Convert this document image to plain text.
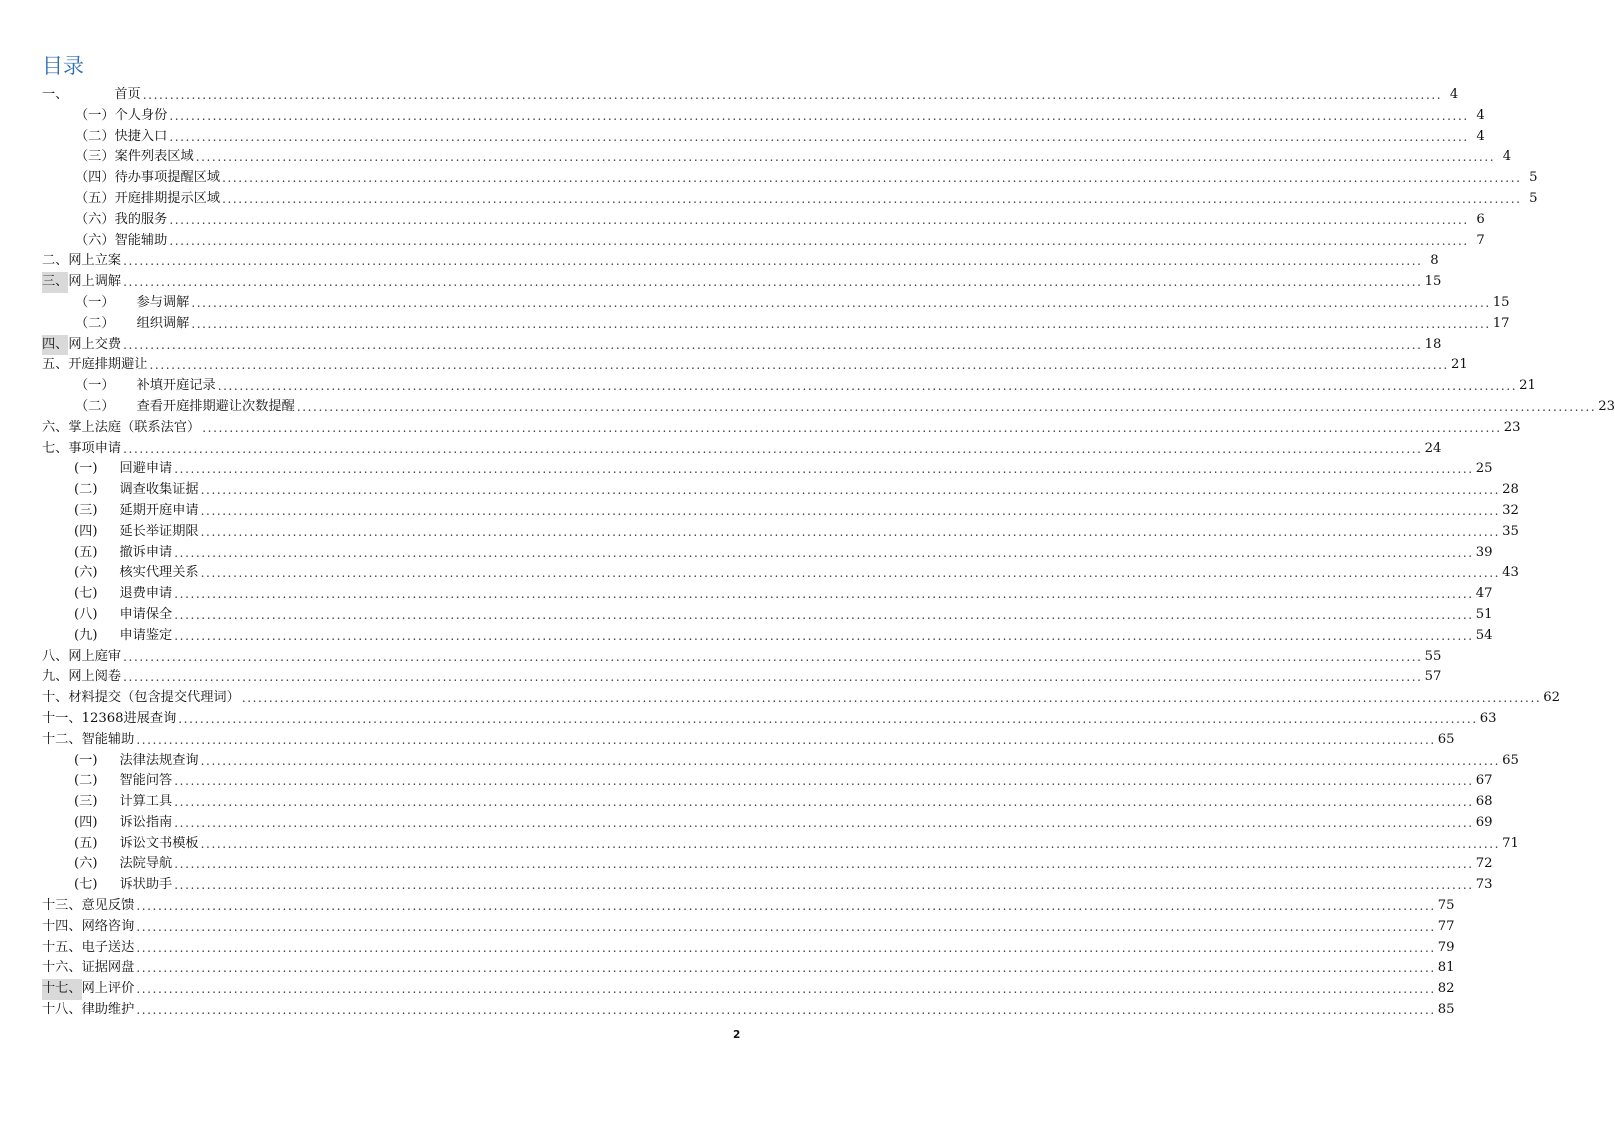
目录
一、	首页 ................................................................................................................................................................................................................................................ 4
（一） 个人身份 ................................................................................................................................................................................................................................................ 4
（二） 快捷入口 ................................................................................................................................................................................................................................................ 4
（三） 案件列表区域 ................................................................................................................................................................................................................................................ 4
（四） 待办事项提醒区域 ................................................................................................................................................................................................................................................ 5
（五） 开庭排期提示区域 ................................................................................................................................................................................................................................................ 5
（六） 我的服务 ................................................................................................................................................................................................................................................ 6
（六） 智能辅助 ................................................................................................................................................................................................................................................ 7
二、 网上立案 ................................................................................................................................................................................................................................................ 8
三、 网上调解 ................................................................................................................................................................................................................................................ 15
（一） 参与调解 ................................................................................................................................................................................................................................................ 15
（二） 组织调解 ................................................................................................................................................................................................................................................ 17
四、 网上交费 ................................................................................................................................................................................................................................................ 18
五、 开庭排期避让 ................................................................................................................................................................................................................................................ 21
（一） 补填开庭记录 ................................................................................................................................................................................................................................................ 21
（二） 查看开庭排期避让次数提醒 ................................................................................................................................................................................................................................................ 23
六、 掌上法庭（联系法官） ................................................................................................................................................................................................................................................ 23
七、 事项申请 ................................................................................................................................................................................................................................................ 24
(一) 回避申请 ................................................................................................................................................................................................................................................ 25
(二) 调查收集证据 ................................................................................................................................................................................................................................................ 28
(三) 延期开庭申请 ................................................................................................................................................................................................................................................ 32
(四) 延长举证期限 ................................................................................................................................................................................................................................................ 35
(五) 撤诉申请 ................................................................................................................................................................................................................................................ 39
(六) 核实代理关系 ................................................................................................................................................................................................................................................ 43
(七) 退费申请 ................................................................................................................................................................................................................................................ 47
(八) 申请保全 ................................................................................................................................................................................................................................................ 51
(九) 申请鉴定 ................................................................................................................................................................................................................................................ 54
八、 网上庭审 ................................................................................................................................................................................................................................................ 55
九、 网上阅卷 ................................................................................................................................................................................................................................................ 57
十、 材料提交（包含提交代理词） ................................................................................................................................................................................................................................................ 62
十一、 12368进展查询 ................................................................................................................................................................................................................................................ 63
十二、 智能辅助 ................................................................................................................................................................................................................................................ 65
(一) 法律法规查询 ................................................................................................................................................................................................................................................ 65
(二) 智能问答 ................................................................................................................................................................................................................................................ 67
(三) 计算工具 ................................................................................................................................................................................................................................................ 68
(四) 诉讼指南 ................................................................................................................................................................................................................................................ 69
(五) 诉讼文书模板 ................................................................................................................................................................................................................................................ 71
(六) 法院导航 ................................................................................................................................................................................................................................................ 72
(七) 诉状助手 ................................................................................................................................................................................................................................................ 73
十三、 意见反馈 ................................................................................................................................................................................................................................................ 75
十四、 网络咨询 ................................................................................................................................................................................................................................................ 77
十五、 电子送达 ................................................................................................................................................................................................................................................ 79
十六、 证据网盘 ................................................................................................................................................................................................................................................ 81
十七、 网上评价 ................................................................................................................................................................................................................................................ 82
十八、 律助维护 ................................................................................................................................................................................................................................................ 85
2
